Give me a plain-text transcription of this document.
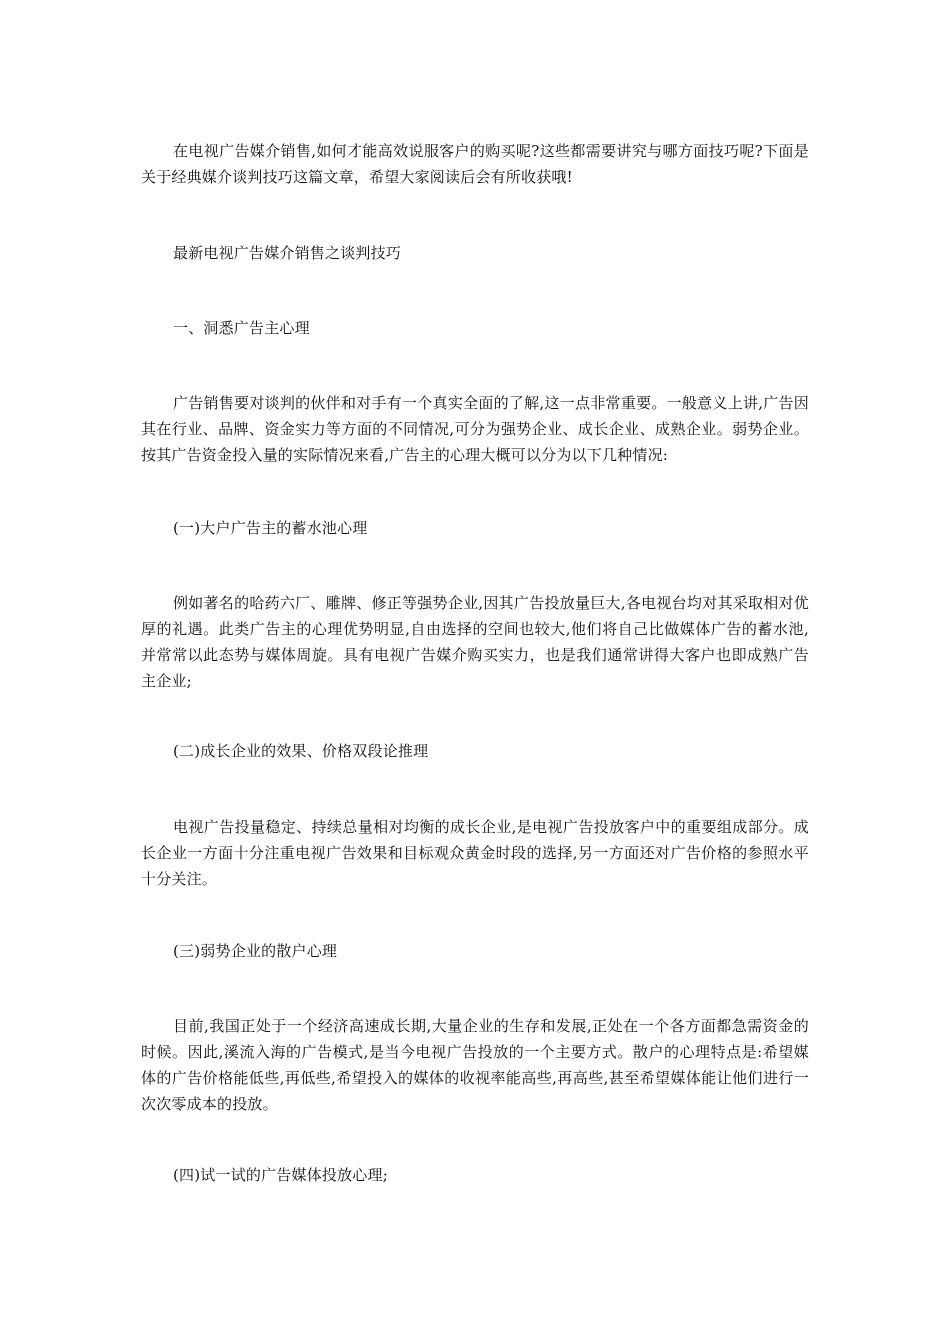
在电视广告媒介销售,如何才能高效说服客户的购买呢?这些都需要讲究与哪方面技巧呢?下面是关于经典媒介谈判技巧这篇文章，希望大家阅读后会有所收获哦!

最新电视广告媒介销售之谈判技巧

一、洞悉广告主心理

广告销售要对谈判的伙伴和对手有一个真实全面的了解,这一点非常重要。一般意义上讲,广告因其在行业、品牌、资金实力等方面的不同情况,可分为强势企业、成长企业、成熟企业。弱势企业。按其广告资金投入量的实际情况来看,广告主的心理大概可以分为以下几种情况:

(一)大户广告主的蓄水池心理

例如著名的哈药六厂、雕牌、修正等强势企业,因其广告投放量巨大,各电视台均对其采取相对优厚的礼遇。此类广告主的心理优势明显,自由选择的空间也较大,他们将自己比做媒体广告的蓄水池,并常常以此态势与媒体周旋。具有电视广告媒介购买实力，也是我们通常讲得大客户也即成熟广告主企业;

(二)成长企业的效果、价格双段论推理

电视广告投量稳定、持续总量相对均衡的成长企业,是电视广告投放客户中的重要组成部分。成长企业一方面十分注重电视广告效果和目标观众黄金时段的选择,另一方面还对广告价格的参照水平十分关注。

(三)弱势企业的散户心理

目前,我国正处于一个经济高速成长期,大量企业的生存和发展,正处在一个各方面都急需资金的时候。因此,溪流入海的广告模式,是当今电视广告投放的一个主要方式。散户的心理特点是:希望媒体的广告价格能低些,再低些,希望投入的媒体的收视率能高些,再高些,甚至希望媒体能让他们进行一次次零成本的投放。

(四)试一试的广告媒体投放心理;
